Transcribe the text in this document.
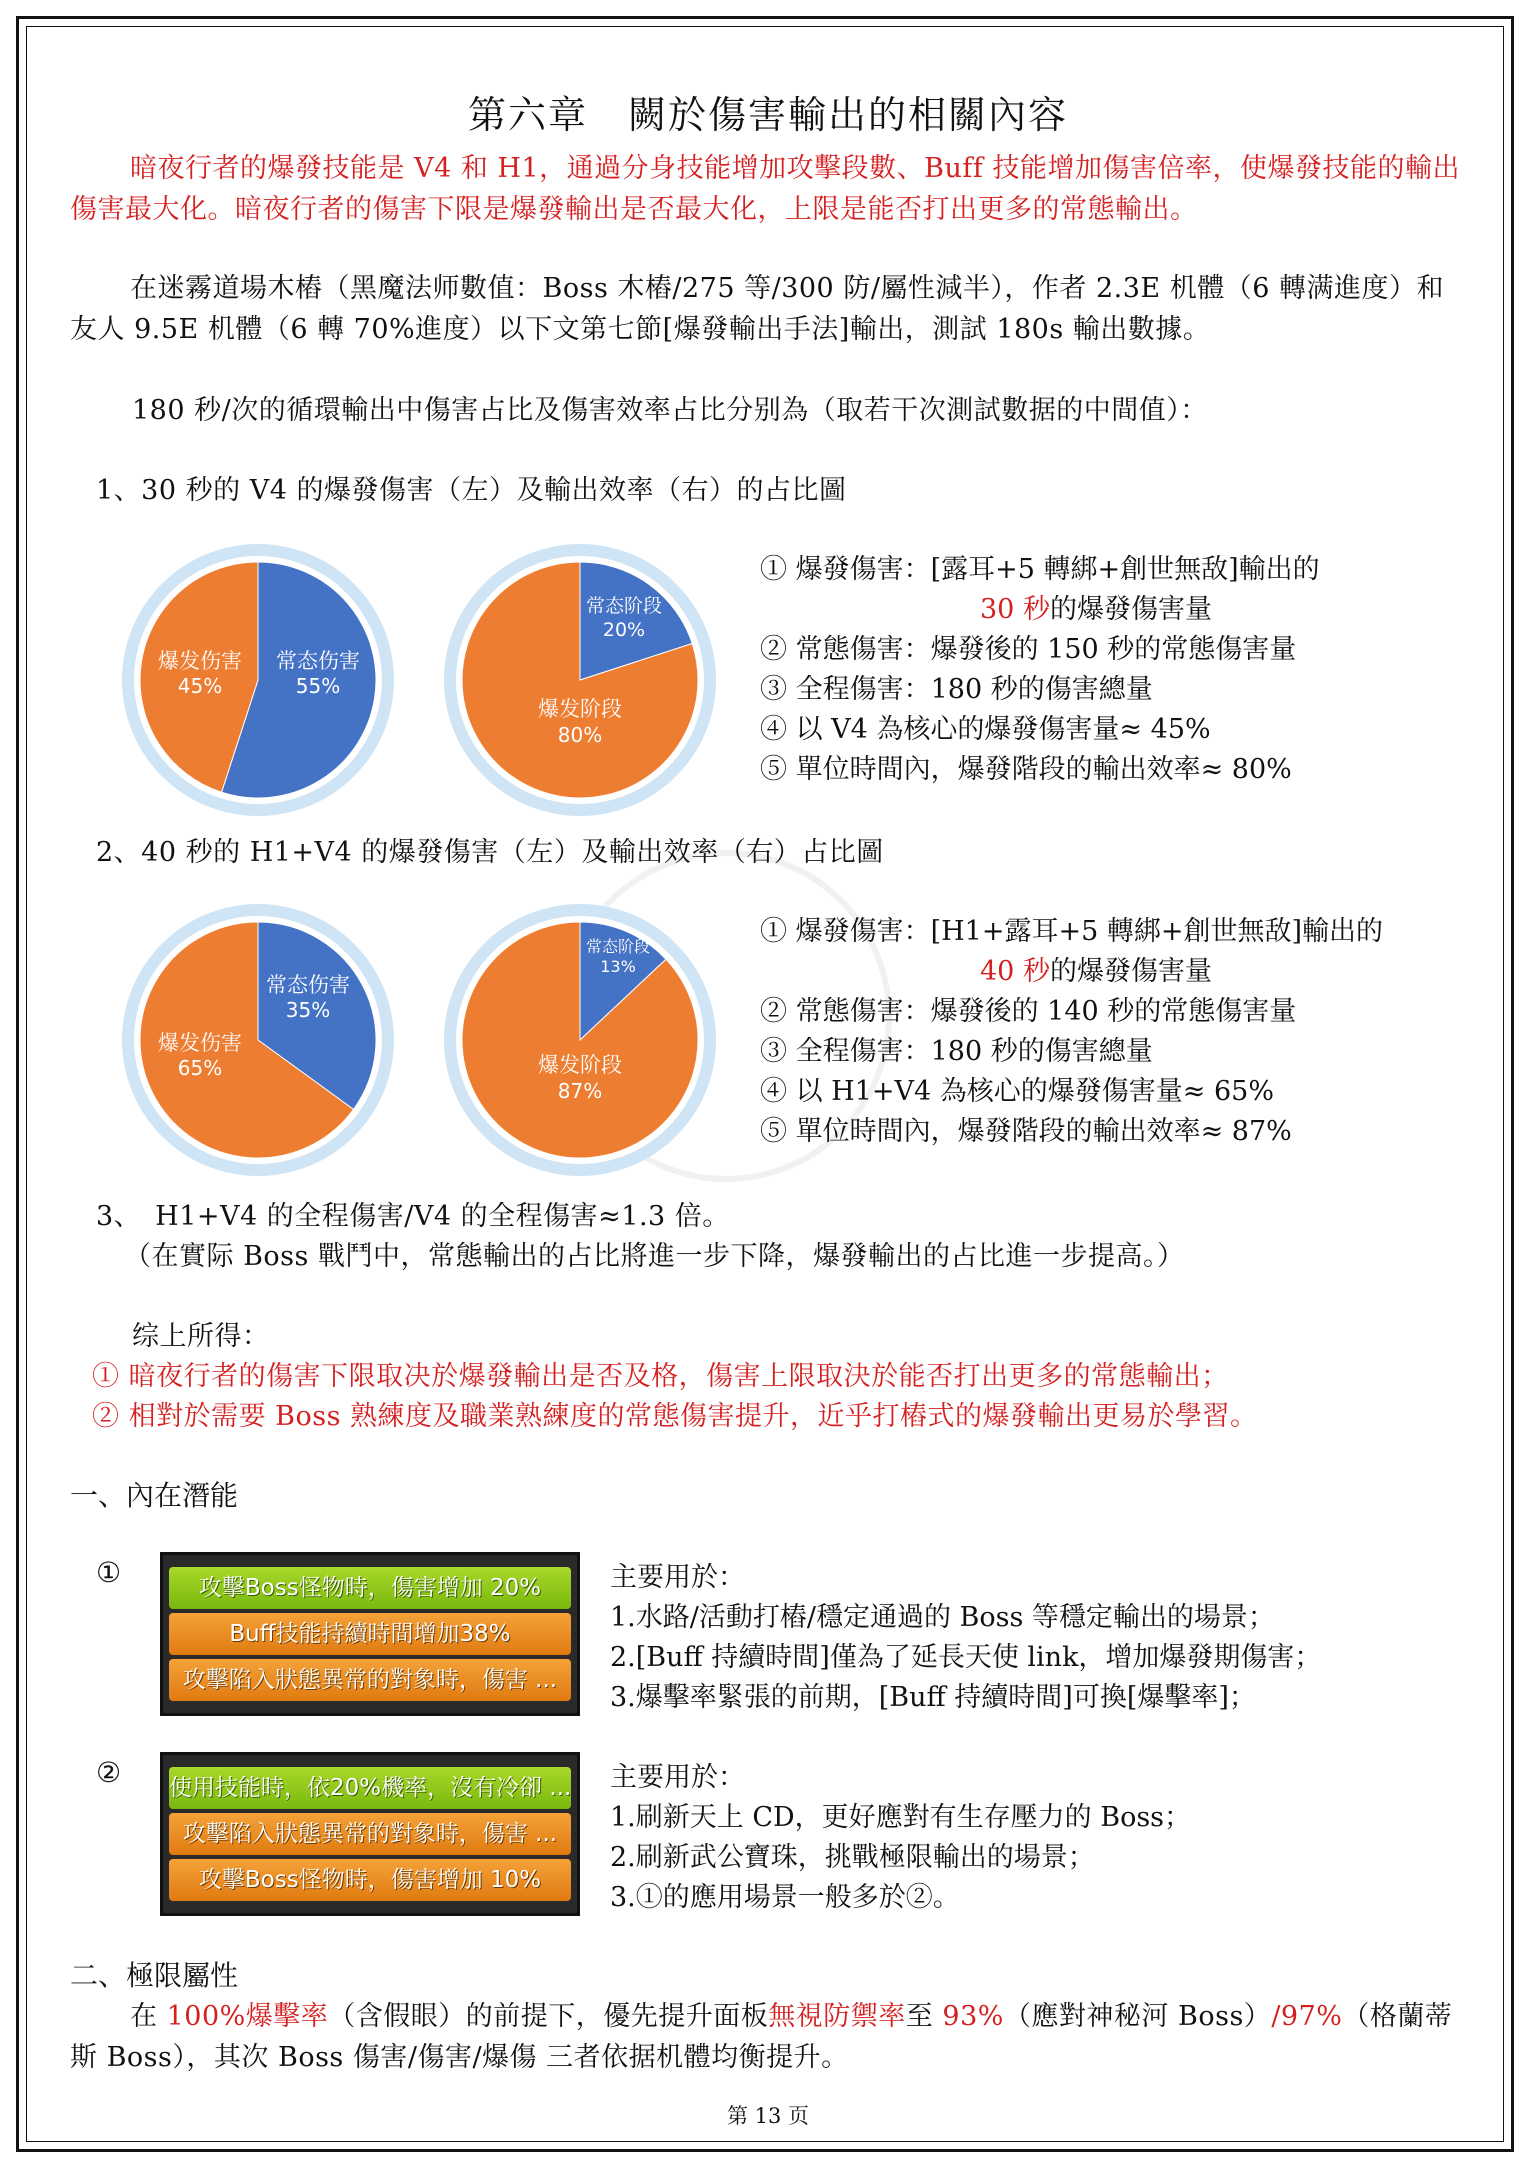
第六章　闕於傷害輸出的相關內容
暗夜行者的爆發技能是 V4 和 H1，通過分身技能增加攻擊段數、Buff 技能增加傷害倍率，使爆發技能的輸出傷害最大化。暗夜行者的傷害下限是爆發輸出是否最大化，上限是能否打出更多的常態輸出。
在迷霧道場木樁（黑魔法师數值：Boss 木樁/275 等/300 防/屬性減半），作者 2.3E 机體（6 轉满進度）和友人 9.5E 机體（6 轉 70%進度）以下文第七節[爆發輸出手法]輸出，測試 180s 輸出數據。
180 秒/次的循環輸出中傷害占比及傷害效率占比分别為（取若干次測試數据的中間值）：
1、30 秒的 V4 的爆發傷害（左）及輸出效率（右）的占比圖
常态伤害
55%
爆发伤害
45%
常态阶段
20%
爆发阶段
80%
① 爆發傷害：[露耳+5 轉綁+創世無敌]輸出的
30 秒的爆發傷害量
② 常態傷害：爆發後的 150 秒的常態傷害量
③ 全程傷害：180 秒的傷害總量
④ 以 V4 為核心的爆發傷害量≈ 45%
⑤ 單位時間內，爆發階段的輸出效率≈ 80%
2、40 秒的 H1+V4 的爆發傷害（左）及輸出效率（右）占比圖
常态伤害
35%
爆发伤害
65%
常态阶段
13%
爆发阶段
87%
① 爆發傷害：[H1+露耳+5 轉綁+創世無敌]輸出的
40 秒的爆發傷害量
② 常態傷害：爆發後的 140 秒的常態傷害量
③ 全程傷害：180 秒的傷害總量
④ 以 H1+V4 為核心的爆發傷害量≈ 65%
⑤ 單位時間內，爆發階段的輸出效率≈ 87%
3、　H1+V4 的全程傷害/V4 的全程傷害≈1.3 倍。
（在實际 Boss 戰鬥中，常態輸出的占比將進一步下降，爆發輸出的占比進一步提高。）
综上所得：
① 暗夜行者的傷害下限取决於爆發輸出是否及格，傷害上限取決於能否打出更多的常態輸出；
② 相對於需要 Boss 熟練度及職業熟練度的常態傷害提升，近乎打樁式的爆發輸出更易於學習。
一、內在潛能
①	攻擊Boss怪物時，傷害增加 20%
Buff技能持續時間增加38%
攻擊陷入狀態異常的對象時，傷害 ...
主要用於：
1.水路/活動打樁/穩定通過的 Boss 等穩定輸出的場景；
2.[Buff 持續時間]僅為了延長天使 link，增加爆發期傷害；
3.爆擊率緊張的前期，[Buff 持續時間]可換[爆擊率]；
② 使用技能時，依20%機率，沒有冷卻 ...
攻擊陷入狀態異常的對象時，傷害 ...
攻擊Boss怪物時，傷害增加 10%
主要用於：
1.刷新天上 CD，更好應對有生存壓力的 Boss；
2.刷新武公寶珠，挑戰極限輸出的場景；
3.①的應用場景一般多於②。
二、極限屬性
在 100%爆擊率（含假眼）的前提下，優先提升面板無視防禦率至 93%（應對神秘河 Boss）/97%（格蘭蒂斯 Boss），其次 Boss 傷害/傷害/爆傷 三者依据机體均衡提升。
第 13 页
